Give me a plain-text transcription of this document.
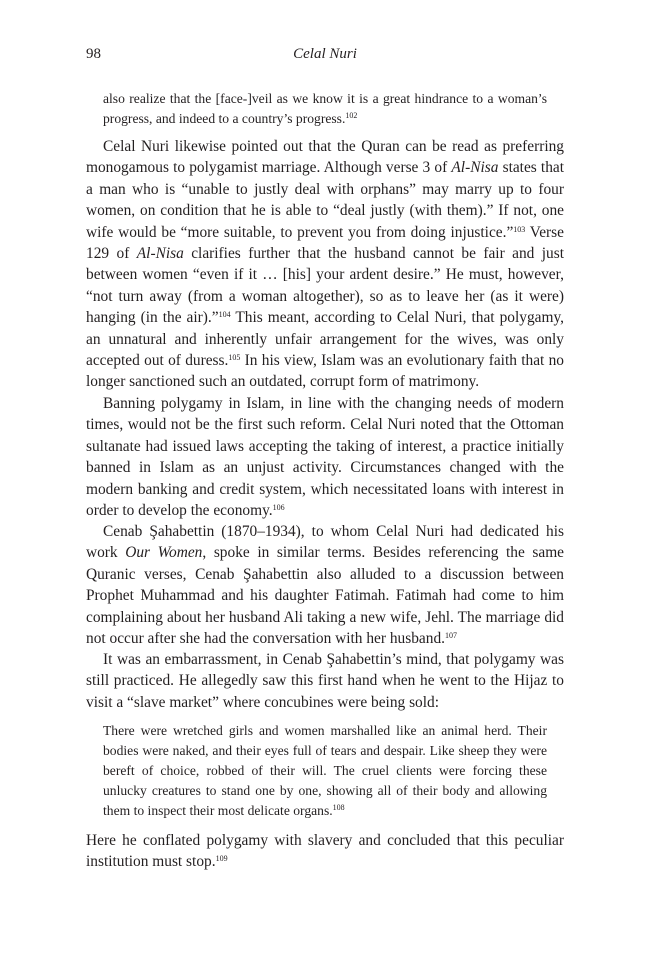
98	Celal Nuri

also realize that the [face-]veil as we know it is a great hindrance to a woman’s progress, and indeed to a country’s progress.$^{102}$

Celal Nuri likewise pointed out that the Quran can be read as preferring monogamous to polygamist marriage. Although verse 3 of Al-Nisa states that a man who is “unable to justly deal with orphans” may marry up to four women, on condition that he is able to “deal justly (with them).” If not, one wife would be “more suitable, to prevent you from doing injustice.”$^{103}$ Verse 129 of Al-Nisa clarifies further that the husband cannot be fair and just between women “even if it … [his] your ardent desire.” He must, however, “not turn away (from a woman altogether), so as to leave her (as it were) hanging (in the air).”$^{104}$ This meant, according to Celal Nuri, that polygamy, an unnatural and inherently unfair arrangement for the wives, was only accepted out of duress.$^{105}$ In his view, Islam was an evolutionary faith that no longer sanctioned such an outdated, corrupt form of matrimony.

Banning polygamy in Islam, in line with the changing needs of modern times, would not be the first such reform. Celal Nuri noted that the Ottoman sultanate had issued laws accepting the taking of interest, a practice initially banned in Islam as an unjust activity. Circumstances changed with the modern banking and credit system, which necessitated loans with interest in order to develop the economy.$^{106}$

Cenab Şahabettin (1870–1934), to whom Celal Nuri had dedicated his work Our Women, spoke in similar terms. Besides referencing the same Quranic verses, Cenab Şahabettin also alluded to a discussion between Prophet Muhammad and his daughter Fatimah. Fatimah had come to him complaining about her husband Ali taking a new wife, Jehl. The marriage did not occur after she had the conversation with her husband.$^{107}$

It was an embarrassment, in Cenab Şahabettin’s mind, that polygamy was still practiced. He allegedly saw this first hand when he went to the Hijaz to visit a “slave market” where concubines were being sold:

There were wretched girls and women marshalled like an animal herd. Their bodies were naked, and their eyes full of tears and despair. Like sheep they were bereft of choice, robbed of their will. The cruel clients were forcing these unlucky creatures to stand one by one, showing all of their body and allowing them to inspect their most delicate organs.$^{108}$

Here he conflated polygamy with slavery and concluded that this peculiar institution must stop.$^{109}$
